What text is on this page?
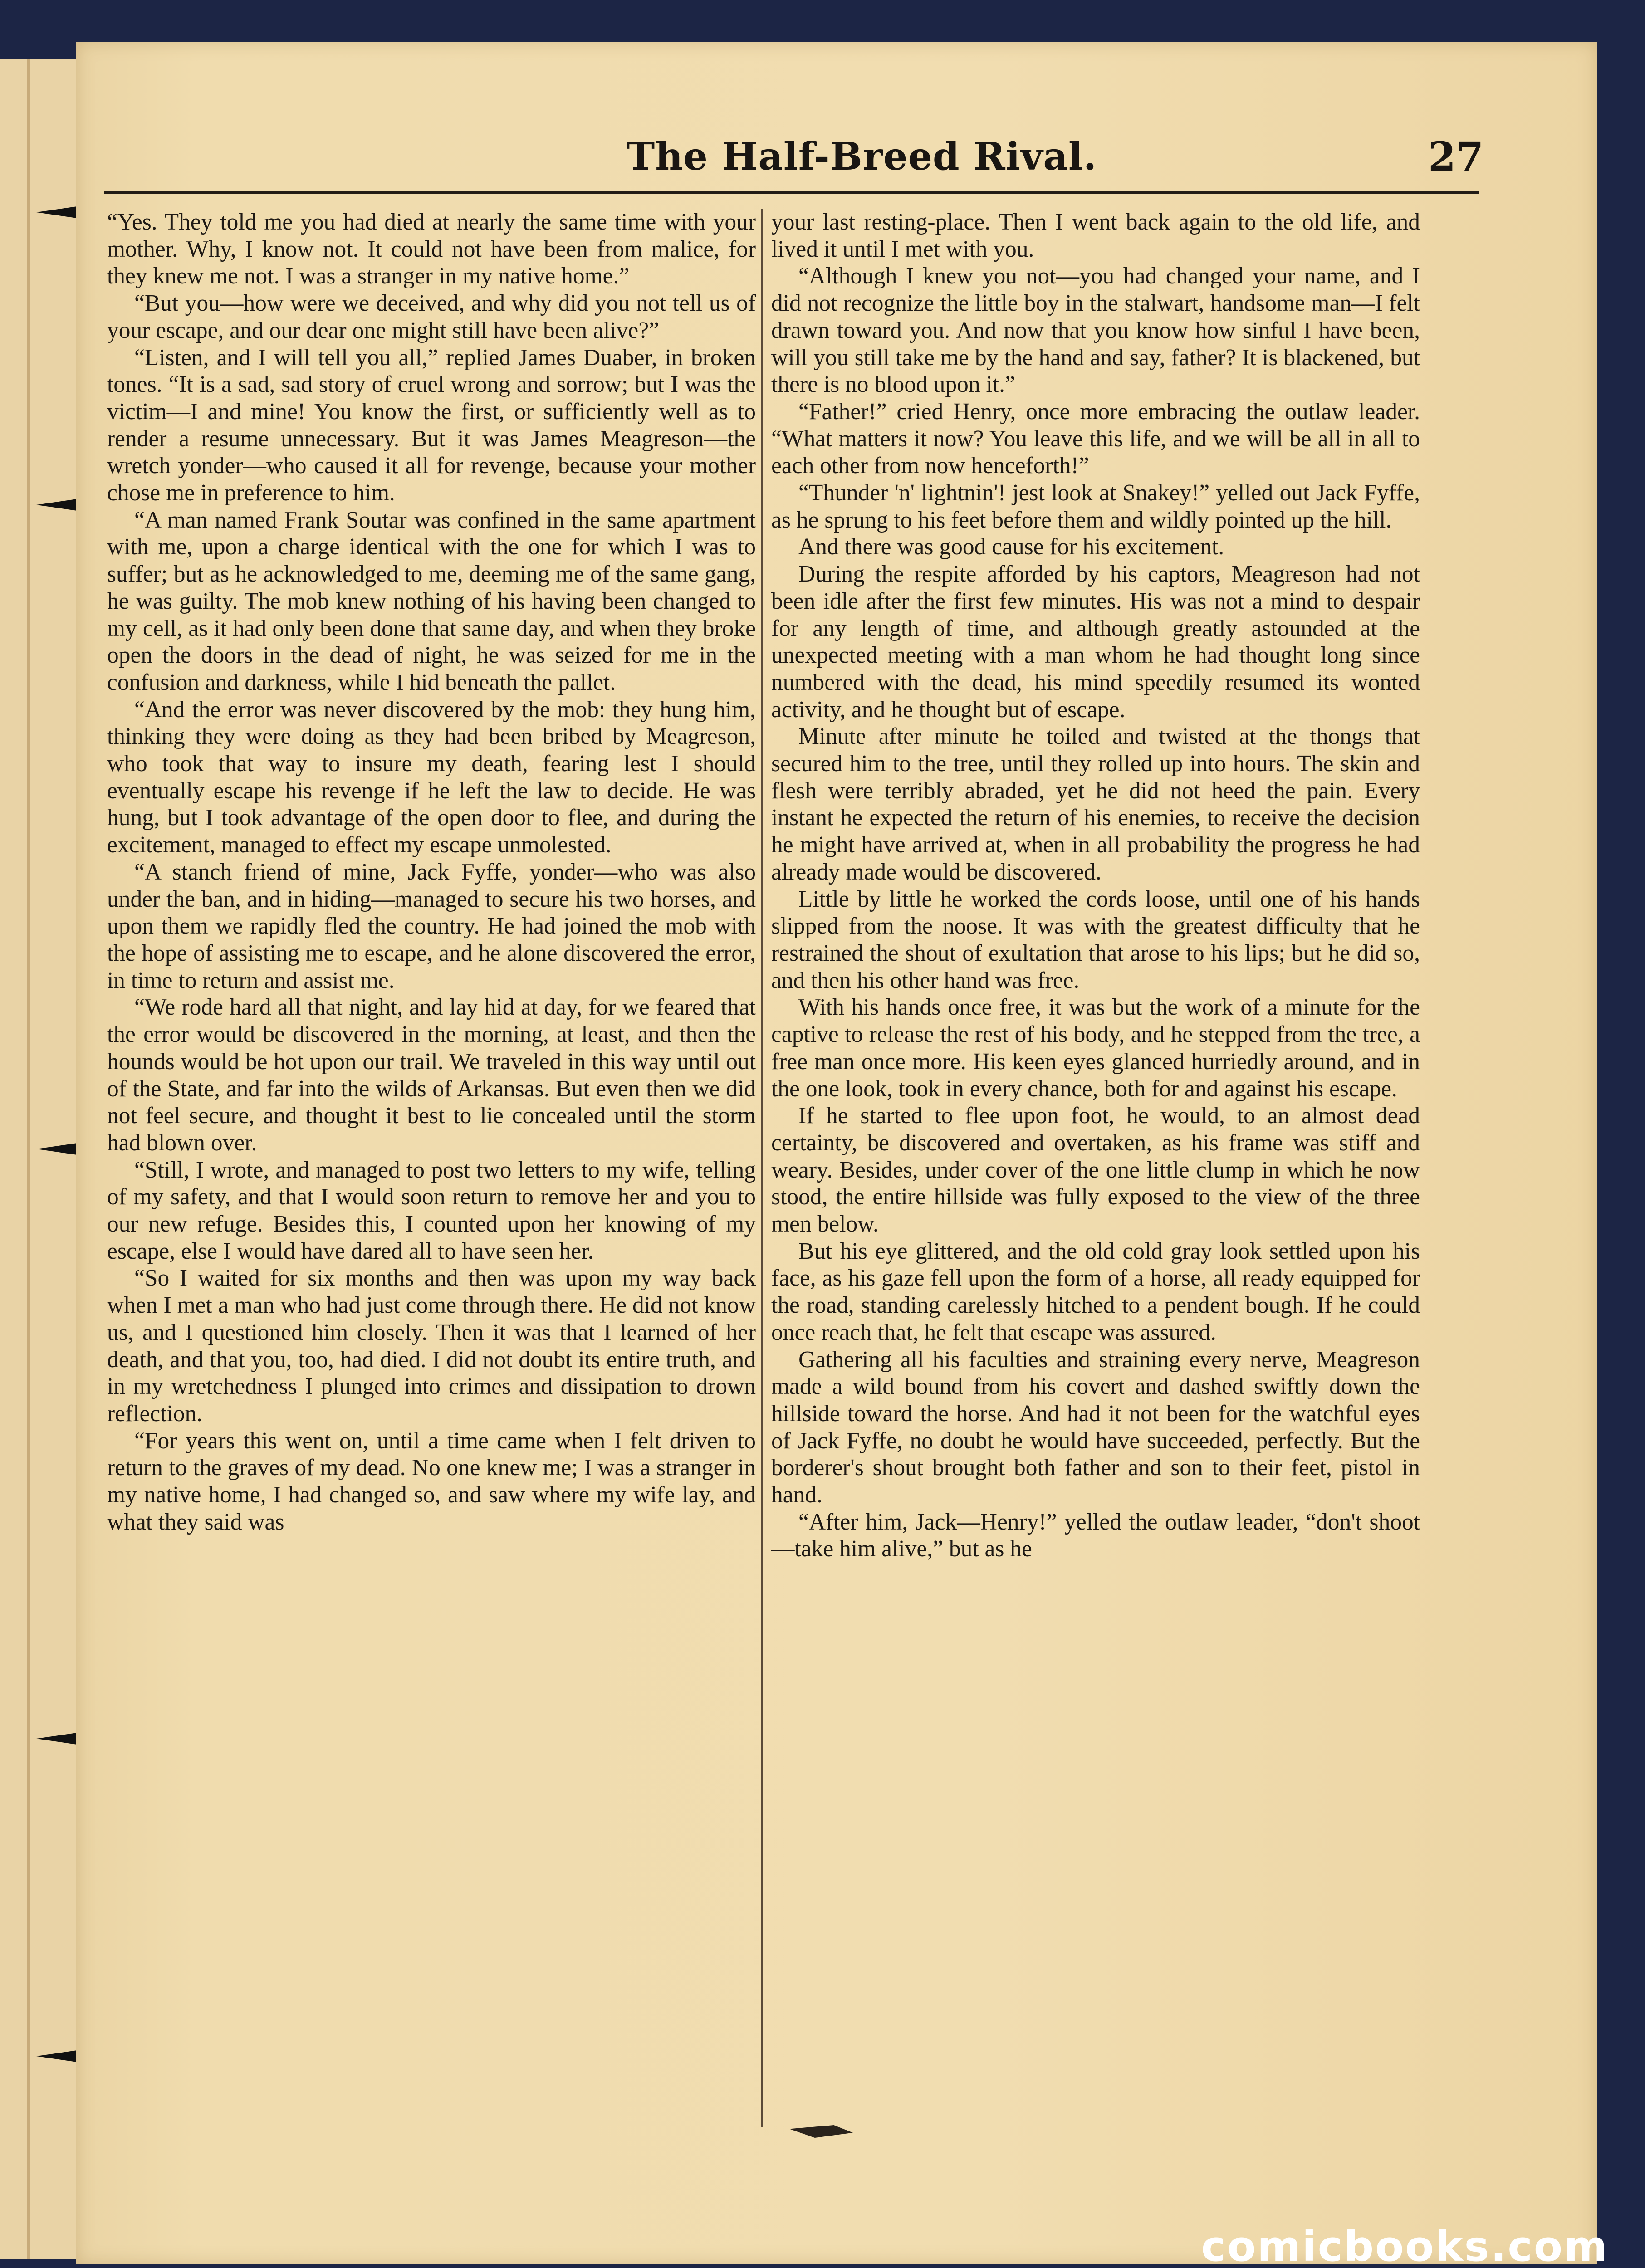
The Half-Breed Rival.	27

“Yes. They told me you had died at nearly the same time with your mother. Why, I know not. It could not have been from malice, for they knew me not. I was a stranger in my native home.”

“But you—how were we deceived, and why did you not tell us of your escape, and our dear one might still have been alive?”

“Listen, and I will tell you all,” replied James Duaber, in broken tones. “It is a sad, sad story of cruel wrong and sorrow; but I was the victim—I and mine! You know the first, or sufficiently well as to render a resume unnecessary. But it was James Meagreson—the wretch yonder—who caused it all for revenge, because your mother chose me in preference to him.

“A man named Frank Soutar was confined in the same apartment with me, upon a charge identical with the one for which I was to suffer; but as he acknowledged to me, deeming me of the same gang, he was guilty. The mob knew nothing of his having been changed to my cell, as it had only been done that same day, and when they broke open the doors in the dead of night, he was seized for me in the confusion and darkness, while I hid beneath the pallet.

“And the error was never discovered by the mob: they hung him, thinking they were doing as they had been bribed by Meagreson, who took that way to insure my death, fearing lest I should eventually escape his revenge if he left the law to decide. He was hung, but I took advantage of the open door to flee, and during the excitement, managed to effect my escape unmolested.

“A stanch friend of mine, Jack Fyffe, yonder—who was also under the ban, and in hiding—managed to secure his two horses, and upon them we rapidly fled the country. He had joined the mob with the hope of assisting me to escape, and he alone discovered the error, in time to return and assist me.

“We rode hard all that night, and lay hid at day, for we feared that the error would be discovered in the morning, at least, and then the hounds would be hot upon our trail. We traveled in this way until out of the State, and far into the wilds of Arkansas. But even then we did not feel secure, and thought it best to lie concealed until the storm had blown over.

“Still, I wrote, and managed to post two letters to my wife, telling of my safety, and that I would soon return to remove her and you to our new refuge. Besides this, I counted upon her knowing of my escape, else I would have dared all to have seen her.

“So I waited for six months and then was upon my way back when I met a man who had just come through there. He did not know us, and I questioned him closely. Then it was that I learned of her death, and that you, too, had died. I did not doubt its entire truth, and in my wretchedness I plunged into crimes and dissipation to drown reflection.

“For years this went on, until a time came when I felt driven to return to the graves of my dead. No one knew me; I was a stranger in my native home, I had changed so, and saw where my wife lay, and what they said was

your last resting-place. Then I went back again to the old life, and lived it until I met with you.

“Although I knew you not—you had changed your name, and I did not recognize the little boy in the stalwart, handsome man—I felt drawn toward you. And now that you know how sinful I have been, will you still take me by the hand and say, father? It is blackened, but there is no blood upon it.”

“Father!” cried Henry, once more embracing the outlaw leader. “What matters it now? You leave this life, and we will be all in all to each other from now henceforth!”

“Thunder 'n' lightnin'! jest look at Snakey!” yelled out Jack Fyffe, as he sprung to his feet before them and wildly pointed up the hill.

And there was good cause for his excitement.

During the respite afforded by his captors, Meagreson had not been idle after the first few minutes. His was not a mind to despair for any length of time, and although greatly astounded at the unexpected meeting with a man whom he had thought long since numbered with the dead, his mind speedily resumed its wonted activity, and he thought but of escape.

Minute after minute he toiled and twisted at the thongs that secured him to the tree, until they rolled up into hours. The skin and flesh were terribly abraded, yet he did not heed the pain. Every instant he expected the return of his enemies, to receive the decision he might have arrived at, when in all probability the progress he had already made would be discovered.

Little by little he worked the cords loose, until one of his hands slipped from the noose. It was with the greatest difficulty that he restrained the shout of exultation that arose to his lips; but he did so, and then his other hand was free.

With his hands once free, it was but the work of a minute for the captive to release the rest of his body, and he stepped from the tree, a free man once more. His keen eyes glanced hurriedly around, and in the one look, took in every chance, both for and against his escape.

If he started to flee upon foot, he would, to an almost dead certainty, be discovered and overtaken, as his frame was stiff and weary. Besides, under cover of the one little clump in which he now stood, the entire hillside was fully exposed to the view of the three men below.

But his eye glittered, and the old cold gray look settled upon his face, as his gaze fell upon the form of a horse, all ready equipped for the road, standing carelessly hitched to a pendent bough. If he could once reach that, he felt that escape was assured.

Gathering all his faculties and straining every nerve, Meagreson made a wild bound from his covert and dashed swiftly down the hillside toward the horse. And had it not been for the watchful eyes of Jack Fyffe, no doubt he would have succeeded, perfectly. But the borderer's shout brought both father and son to their feet, pistol in hand.

“After him, Jack—Henry!” yelled the outlaw leader, “don't shoot—take him alive,” but as he

comicbooks.com
